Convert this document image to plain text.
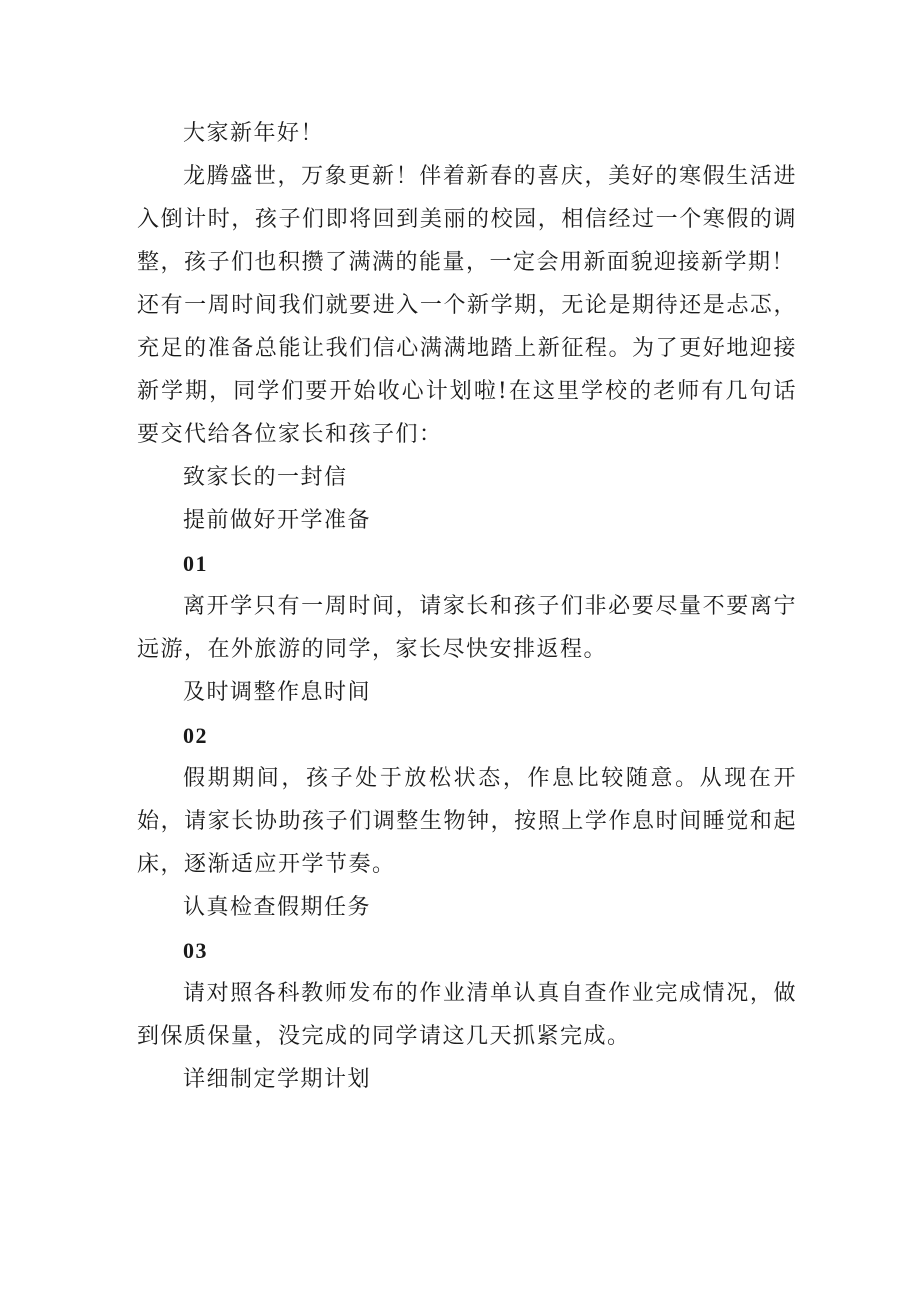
大家新年好！

龙腾盛世，万象更新！伴着新春的喜庆，美好的寒假生活进入倒计时，孩子们即将回到美丽的校园，相信经过一个寒假的调整，孩子们也积攒了满满的能量，一定会用新面貌迎接新学期！

还有一周时间我们就要进入一个新学期，无论是期待还是忐忑，充足的准备总能让我们信心满满地踏上新征程。为了更好地迎接新学期，同学们要开始收心计划啦!在这里学校的老师有几句话要交代给各位家长和孩子们：

致家长的一封信

提前做好开学准备

01

离开学只有一周时间，请家长和孩子们非必要尽量不要离宁远游，在外旅游的同学，家长尽快安排返程。

及时调整作息时间

02

假期期间，孩子处于放松状态，作息比较随意。从现在开始，请家长协助孩子们调整生物钟，按照上学作息时间睡觉和起床，逐渐适应开学节奏。

认真检查假期任务

03

请对照各科教师发布的作业清单认真自查作业完成情况，做到保质保量，没完成的同学请这几天抓紧完成。

详细制定学期计划
